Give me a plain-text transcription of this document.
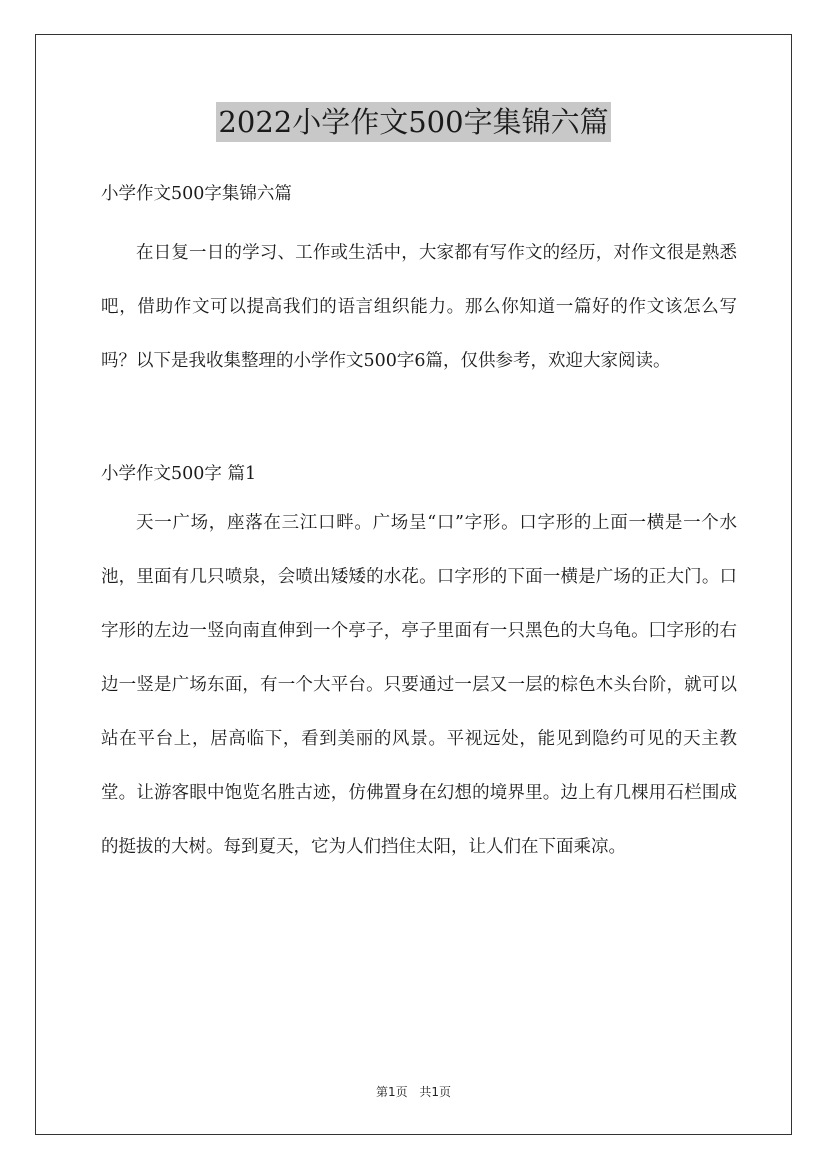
2022小学作文500字集锦六篇

小学作文500字集锦六篇

在日复一日的学习、工作或生活中，大家都有写作文的经历，对作文很是熟悉吧，借助作文可以提高我们的语言组织能力。那么你知道一篇好的作文该怎么写吗？以下是我收集整理的小学作文500字6篇，仅供参考，欢迎大家阅读。

小学作文500字 篇1

天一广场，座落在三江口畔。广场呈“口”字形。口字形的上面一横是一个水池，里面有几只喷泉，会喷出矮矮的水花。口字形的下面一横是广场的正大门。口字形的左边一竖向南直伸到一个亭子，亭子里面有一只黑色的大乌龟。囗字形的右边一竖是广场东面，有一个大平台。只要通过一层又一层的棕色木头台阶，就可以站在平台上，居高临下，看到美丽的风景。平视远处，能见到隐约可见的天主教堂。让游客眼中饱览名胜古迹，仿佛置身在幻想的境界里。边上有几棵用石栏围成的挺拔的大树。每到夏天，它为人们挡住太阳，让人们在下面乘凉。

第1页 共1页
